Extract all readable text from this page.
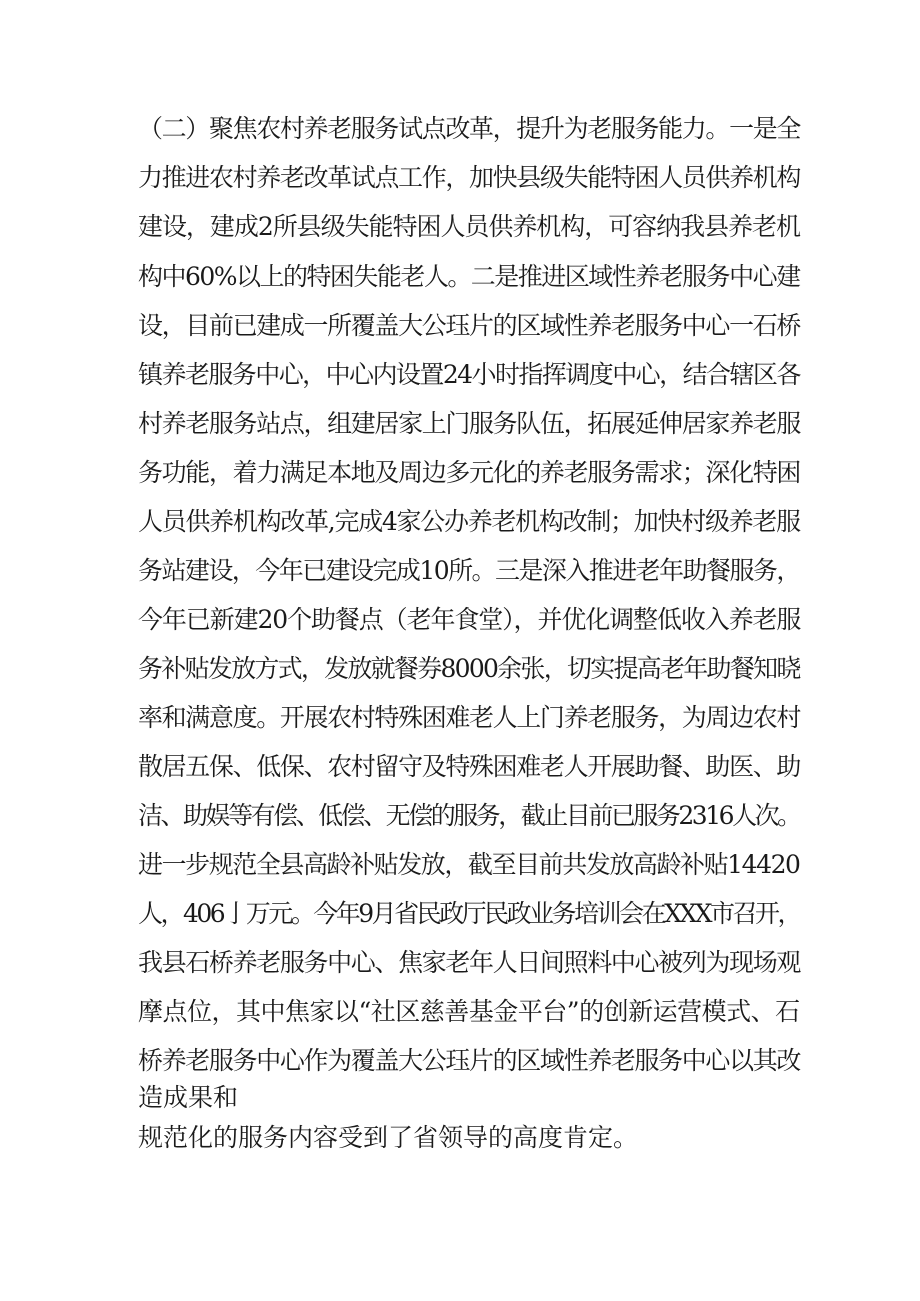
（二）聚焦农村养老服务试点改革，提升为老服务能力。一是全
力推进农村养老改革试点工作，加快县级失能特困人员供养机构
建设，建成2所县级失能特困人员供养机构，可容纳我县养老机
构中60%以上的特困失能老人。二是推进区域性养老服务中心建
设，目前已建成一所覆盖大公珏片的区域性养老服务中心一石桥
镇养老服务中心，中心内设置24小时指挥调度中心，结合辖区各
村养老服务站点，组建居家上门服务队伍，拓展延伸居家养老服
务功能，着力满足本地及周边多元化的养老服务需求；深化特困
人员供养机构改革,完成4家公办养老机构改制；加快村级养老服
务站建设，今年已建设完成10所。三是深入推进老年助餐服务，
今年已新建20个助餐点（老年食堂），并优化调整低收入养老服
务补贴发放方式，发放就餐券8000余张，切实提高老年助餐知晓
率和满意度。开展农村特殊困难老人上门养老服务，为周边农村
散居五保、低保、农村留守及特殊困难老人开展助餐、助医、助
洁、助娱等有偿、低偿、无偿的服务，截止目前已服务2316人次。
进一步规范全县高龄补贴发放，截至目前共发放高龄补贴14420
人，406亅万元。今年9月省民政厅民政业务培训会在XXX市召开，
我县石桥养老服务中心、焦家老年人日间照料中心被列为现场观
摩点位，其中焦家以“社区慈善基金平台”的创新运营模式、石
桥养老服务中心作为覆盖大公珏片的区域性养老服务中心以其改
造成果和
规范化的服务内容受到了省领导的高度肯定。
